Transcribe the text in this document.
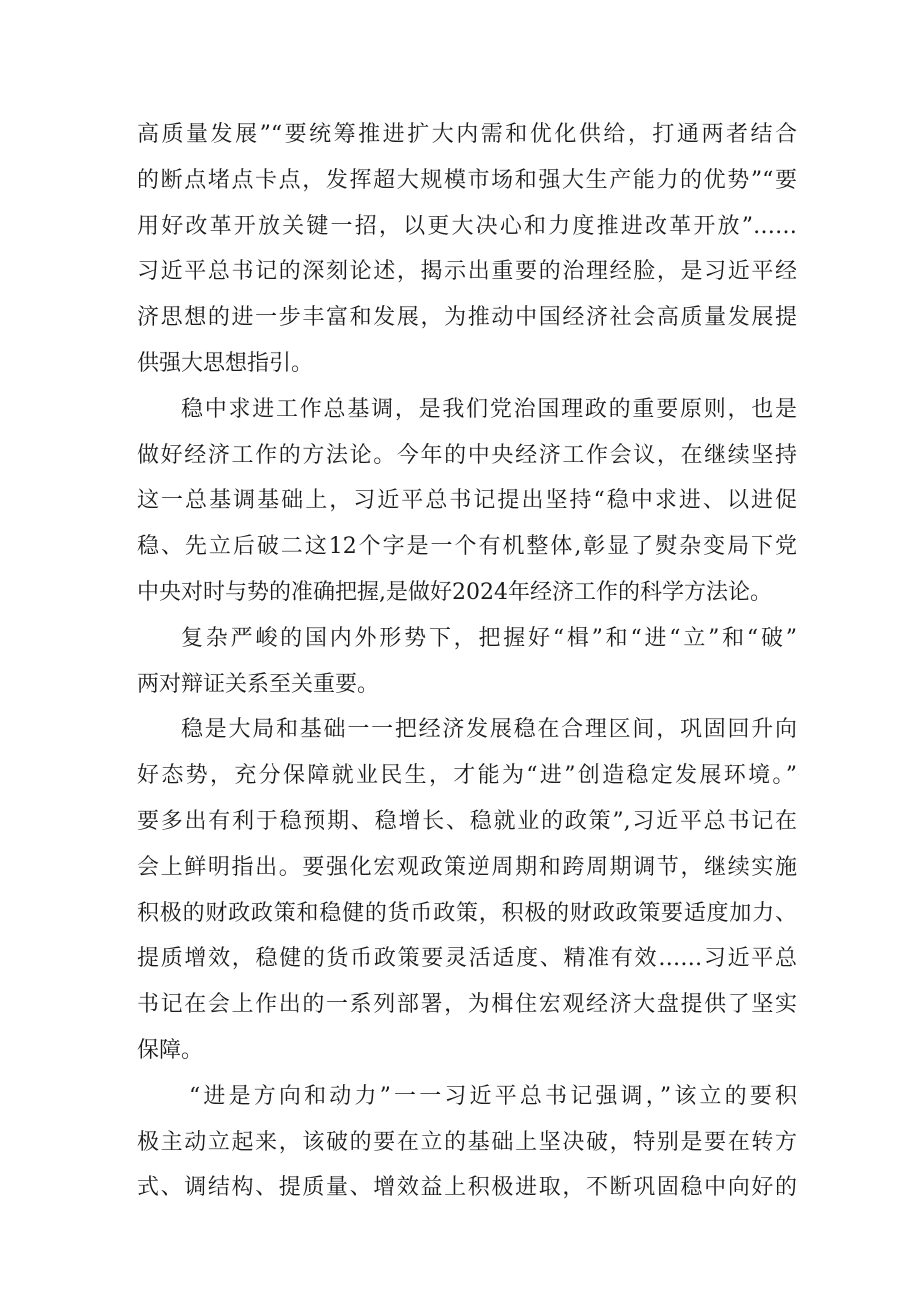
高质量发展”“要统筹推进扩大内需和优化供给，打通两者结合
的断点堵点卡点，发挥超大规模市场和强大生产能力的优势”“要
用好改革开放关键一招，以更大决心和力度推进改革开放”……
习近平总书记的深刻论述，揭示出重要的治理经脸，是习近平经
济思想的进一步丰富和发展，为推动中国经济社会高质量发展提
供强大思想指引。
稳中求进工作总基调，是我们党治国理政的重要原则，也是
做好经济工作的方法论。今年的中央经济工作会议，在继续坚持
这一总基调基础上，习近平总书记提出坚持“稳中求进、以进促
稳、先立后破二这12个字是一个有机整体,彰显了熨杂变局下党
中央对时与势的准确把握,是做好2024年经济工作的科学方法论。
复杂严峻的国内外形势下，把握好“楫”和“进“立”和“破”
两对辩证关系至关重要。
稳是大局和基础一一把经济发展稳在合理区间，巩固回升向
好态势，充分保障就业民生，才能为“进”创造稳定发展环境。”
要多出有利于稳预期、稳增长、稳就业的政策”,习近平总书记在
会上鲜明指出。要强化宏观政策逆周期和跨周期调节，继续实施
积极的财政政策和稳健的货币政策，积极的财政政策要适度加力、
提质增效，稳健的货币政策要灵活适度、精准有效……习近平总
书记在会上作出的一系列部署，为楫住宏观经济大盘提供了坚实
保障。
“进是方向和动力”一一习近平总书记强调，”该立的要积
极主动立起来，该破的要在立的基础上坚决破，特别是要在转方
式、调结构、提质量、增效益上积极进取，不断巩固稳中向好的
